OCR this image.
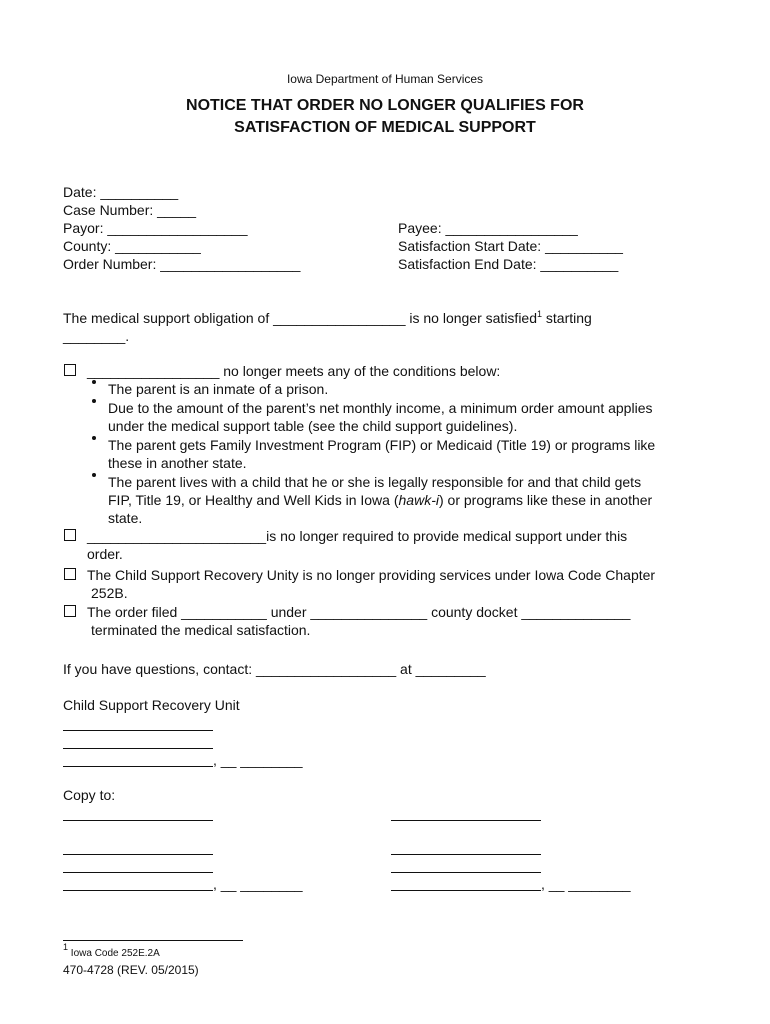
Iowa Department of Human Services
NOTICE THAT ORDER NO LONGER QUALIFIES FOR
SATISFACTION OF MEDICAL SUPPORT
Date: __________
Case Number: _____
Payor: __________________
County: ___________
Order Number: __________________
Payee: _________________
Satisfaction Start Date: __________
Satisfaction End Date: __________
The medical support obligation of _________________ is no longer satisfied$^1$ starting
________.
_________________ no longer meets any of the conditions below:
The parent is an inmate of a prison.
Due to the amount of the parent’s net monthly income, a minimum order amount applies
under the medical support table (see the child support guidelines).
The parent gets Family Investment Program (FIP) or Medicaid (Title 19) or programs like
these in another state.
The parent lives with a child that he or she is legally responsible for and that child gets
FIP, Title 19, or Healthy and Well Kids in Iowa (hawk-i) or programs like these in another
state.
_______________________is no longer required to provide medical support under this
order.
The Child Support Recovery Unity is no longer providing services under Iowa Code Chapter
252B.
The order filed ___________ under _______________ county docket ______________
terminated the medical satisfaction.
If you have questions, contact: __________________ at _________
Child Support Recovery Unit
, __ ________
Copy to:
, __ ________	, __ ________
$^1$ Iowa Code 252E.2A
470-4728 (REV. 05/2015)
